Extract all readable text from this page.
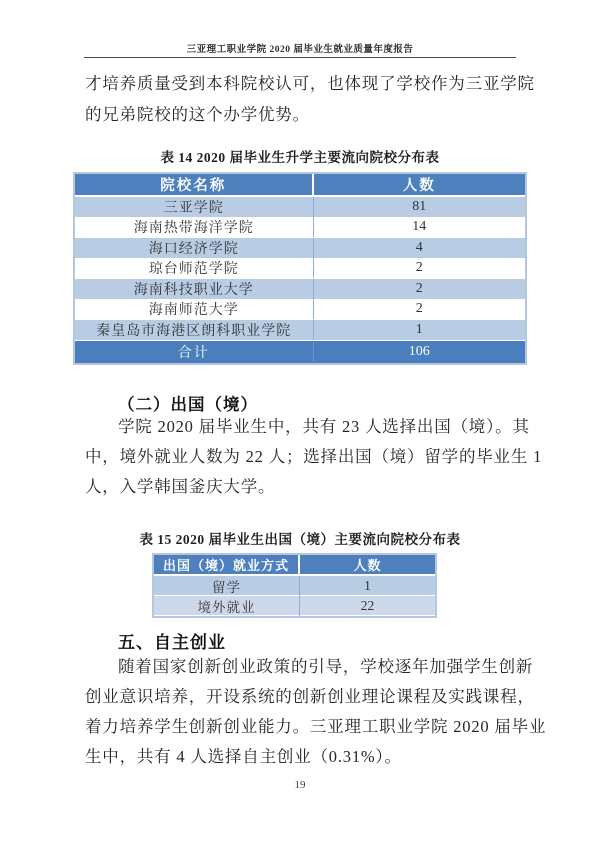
三亚理工职业学院 2020 届毕业生就业质量年度报告
才培养质量受到本科院校认可，也体现了学校作为三亚学院
的兄弟院校的这个办学优势。
表 14 2020 届毕业生升学主要流向院校分布表
院校名称	人数
三亚学院	81
海南热带海洋学院	14
海口经济学院	4
琼台师范学院	2
海南科技职业大学	2
海南师范大学	2
秦皇岛市海港区朗科职业学院	1
合计	106
（二）出国（境）
学院 2020 届毕业生中，共有 23 人选择出国（境）。其
中，境外就业人数为 22 人；选择出国（境）留学的毕业生 1
人，入学韩国釜庆大学。
表 15 2020 届毕业生出国（境）主要流向院校分布表
出国（境）就业方式	人数
留学	1
境外就业	22
五、自主创业
随着国家创新创业政策的引导，学校逐年加强学生创新
创业意识培养，开设系统的创新创业理论课程及实践课程，
着力培养学生创新创业能力。三亚理工职业学院 2020 届毕业
生中，共有 4 人选择自主创业（0.31%）。
19
